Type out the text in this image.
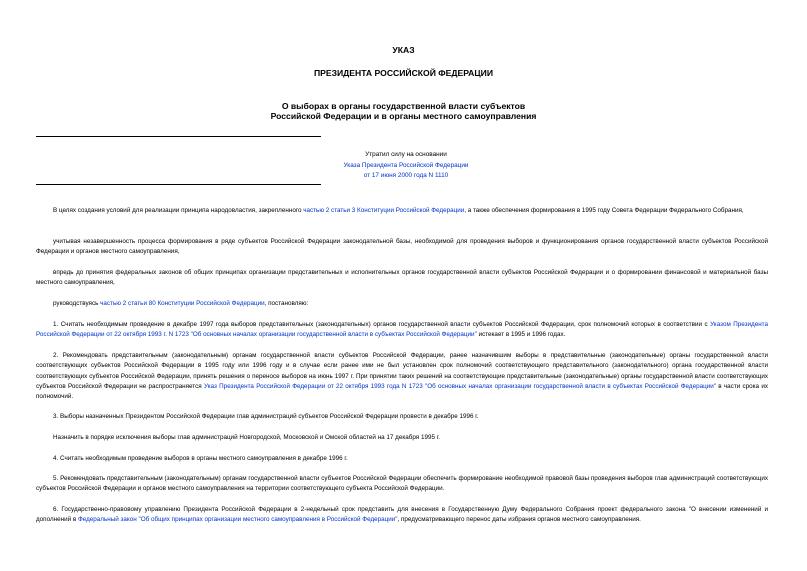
УКАЗ

ПРЕЗИДЕНТА РОССИЙСКОЙ ФЕДЕРАЦИИ

О выборах в органы государственной власти субъектов

Российской Федерации и в органы местного самоуправления

Утратил силу на основании
Указа Президента Российской Федерации
от 17 июня 2000 года N 1110

В целях создания условий для реализации принципа народовластия, закрепленного частью 2 статьи 3 Конституции Российской Федерации, а также обеспечения формирования в 1995 году Совета Федерации Федерального Собрания,

учитывая незавершенность процесса формирования в ряде субъектов Российской Федерации законодательной базы, необходимой для проведения выборов и функционирования органов государственной власти субъектов Российской Федерации и органов местного самоуправления,

впредь до принятия федеральных законов об общих принципах организации представительных и исполнительных органов государственной власти субъектов Российской Федерации и о формировании финансовой и материальной базы местного самоуправления,

руководствуясь частью 2 статьи 80 Конституции Российской Федерации, постановляю:

1. Считать необходимым проведение в декабре 1997 года выборов представительных (законодательных) органов государственной власти субъектов Российской Федерации, срок полномочий которых в соответствии с Указом Президента Российской Федерации от 22 октября 1993 г. N 1723 "Об основных началах организации государственной власти в субъектах Российской Федерации" истекает в 1995 и 1996 годах.

2. Рекомендовать представительным (законодательным) органам государственной власти субъектов Российской Федерации, ранее назначившим выборы в представительные (законодательные) органы государственной власти соответствующих субъектов Российской Федерации в 1995 году или 1996 году и в случае если ранее ими не был установлен срок полномочий соответствующего представительного (законодательного) органа государственной власти соответствующих субъектов Российской Федерации, принять решения о переносе выборов на июнь 1997 г. При принятии таких решений на соответствующие представительные (законодательные) органы государственной власти соответствующих субъектов Российской Федерации не распространяется Указ Президента Российской Федерации от 22 октября 1993 года N 1723 "Об основных началах организации государственной власти в субъектах Российской Федерации" в части срока их полномочий.

3. Выборы назначенных Президентом Российской Федерации глав администраций субъектов Российской Федерации провести в декабре 1996 г.

Назначить в порядке исключения выборы глав администраций Новгородской, Московской и Омской областей на 17 декабря 1995 г.

4. Считать необходимым проведение выборов в органы местного самоуправления в декабре 1996 г.

5. Рекомендовать представительным (законодательным) органам государственной власти субъектов Российской Федерации обеспечить формирование необходимой правовой базы проведения выборов глав администраций соответствующих субъектов Российской Федерации и органов местного самоуправления на территории соответствующего субъекта Российской Федерации.

6. Государственно-правовому управлению Президента Российской Федерации в 2-недельный срок представить для внесения в Государственную Думу Федерального Собрания проект федерального закона "О внесении изменений и дополнений в Федеральный закон "Об общих принципах организации местного самоуправления в Российской Федерации", предусматривающего перенос даты избрания органов местного самоуправления.
